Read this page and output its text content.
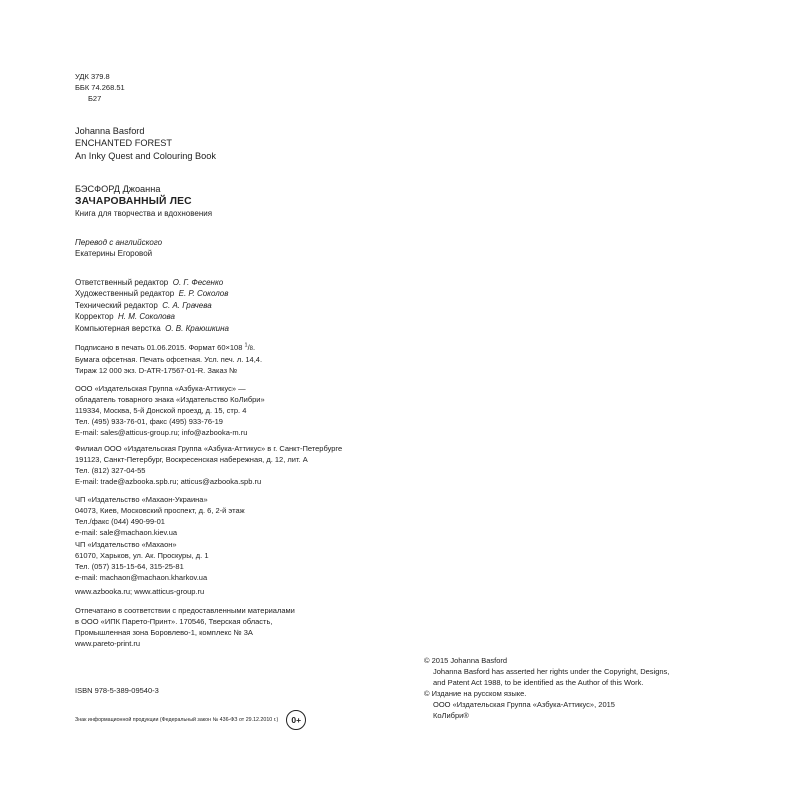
УДК 379.8
ББК 74.268.51
Б27
Johanna Basford
ENCHANTED FOREST
An Inky Quest and Colouring Book
БЭСФОРД Джоанна
ЗАЧАРОВАННЫЙ ЛЕС
Книга для творчества и вдохновения
Перевод с английского
Екатерины Егоровой
Ответственный редактор О. Г. Фесенко
Художественный редактор Е. Р. Соколов
Технический редактор С. А. Грачева
Корректор Н. М. Соколова
Компьютерная верстка О. В. Краюшкина
Подписано в печать 01.06.2015. Формат 60×108 $^1$/8.
Бумага офсетная. Печать офсетная. Усл. печ. л. 14,4.
Тираж 12 000 экз. D-ATR-17567-01-R. Заказ №
ООО «Издательская Группа «Азбука-Аттикус» —
обладатель товарного знака «Издательство КоЛибри»
119334, Москва, 5-й Донской проезд, д. 15, стр. 4
Тел. (495) 933-76-01, факс (495) 933-76-19
E-mail: sales@atticus-group.ru; info@azbooka-m.ru
Филиал ООО «Издательская Группа «Азбука-Аттикус» в г. Санкт-Петербурге
191123, Санкт-Петербург, Воскресенская набережная, д. 12, лит. А
Тел. (812) 327-04-55
E-mail: trade@azbooka.spb.ru; atticus@azbooka.spb.ru
ЧП «Издательство «Махаон-Украина»
04073, Киев, Московский проспект, д. 6, 2-й этаж
Тел./факс (044) 490-99-01
e-mail: sale@machaon.kiev.ua
ЧП «Издательство «Махаон»
61070, Харьков, ул. Ак. Проскуры, д. 1
Тел. (057) 315-15-64, 315-25-81
e-mail: machaon@machaon.kharkov.ua
www.azbooka.ru; www.atticus-group.ru
Отпечатано в соответствии с предоставленными материалами
в ООО «ИПК Парето-Принт». 170546, Тверская область,
Промышленная зона Боровлево-1, комплекс № 3А
www.pareto-print.ru
© 2015 Johanna Basford
Johanna Basford has asserted her rights under the Copyright, Designs,
and Patent Act 1988, to be identified as the Author of this Work.
© Издание на русском языке.
ООО «Издательская Группа «Азбука-Аттикус», 2015
КоЛибри®
ISBN 978-5-389-09540-3
Знак информационной продукции (Федеральный закон № 436-ФЗ от 29.12.2010 г.)	0+
